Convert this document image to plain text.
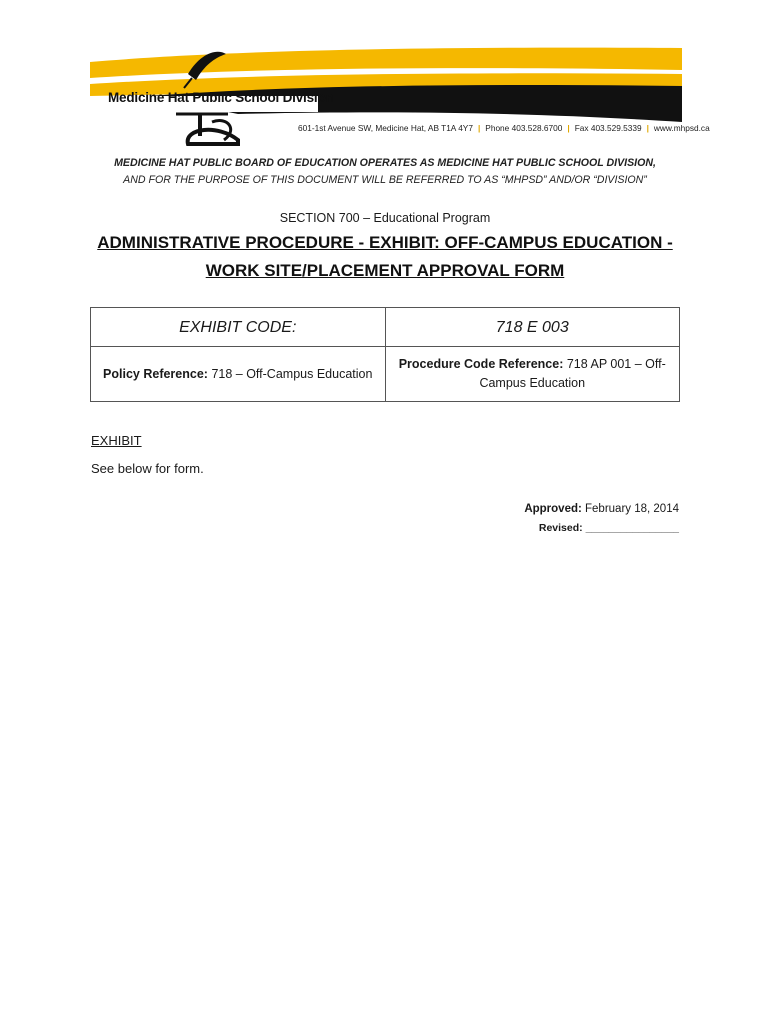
Medicine Hat Public School Division
601-1st Avenue SW, Medicine Hat, AB T1A 4Y7 | Phone 403.528.6700 | Fax 403.529.5339 | www.mhpsd.ca
MEDICINE HAT PUBLIC BOARD OF EDUCATION OPERATES AS MEDICINE HAT PUBLIC SCHOOL DIVISION,
AND FOR THE PURPOSE OF THIS DOCUMENT WILL BE REFERRED TO AS “MHPSD” AND/OR “DIVISION”
SECTION 700 – Educational Program
ADMINISTRATIVE PROCEDURE - EXHIBIT: OFF-CAMPUS EDUCATION -
WORK SITE/PLACEMENT APPROVAL FORM
EXHIBIT CODE:	718 E 003
Policy Reference: 718 – Off-Campus Education	Procedure Code Reference: 718 AP 001 – Off-Campus Education
EXHIBIT
See below for form.
Approved: February 18, 2014
Revised: ________________
